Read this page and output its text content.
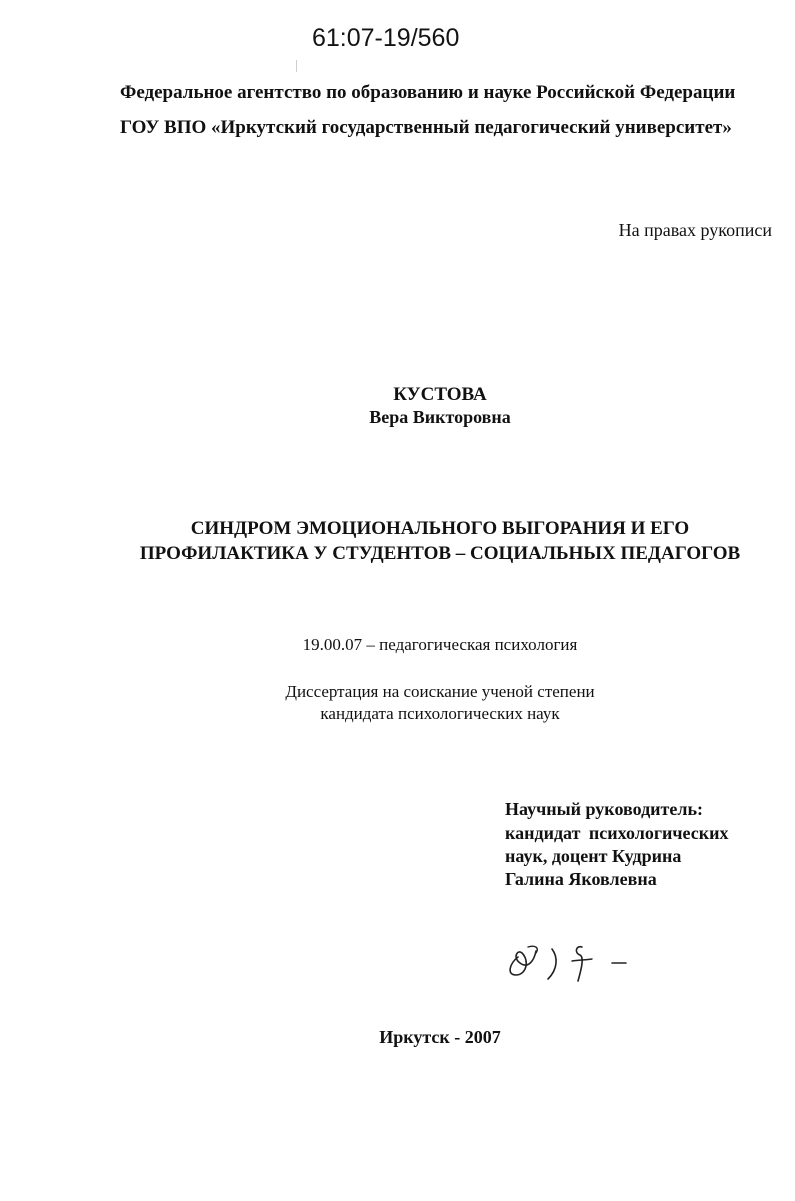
61:07-19/560
Федеральное агентство по образованию и науке Российской Федерации
ГОУ ВПО «Иркутский государственный педагогический университет»
На правах рукописи
КУСТОВА
Вера Викторовна
СИНДРОМ ЭМОЦИОНАЛЬНОГО ВЫГОРАНИЯ И ЕГО
ПРОФИЛАКТИКА У СТУДЕНТОВ – СОЦИАЛЬНЫХ ПЕДАГОГОВ
19.00.07 – педагогическая психология
Диссертация на соискание ученой степени
кандидата психологических наук
Научный руководитель:
кандидат психологических
наук, доцент Кудрина
Галина Яковлевна
Иркутск - 2007
